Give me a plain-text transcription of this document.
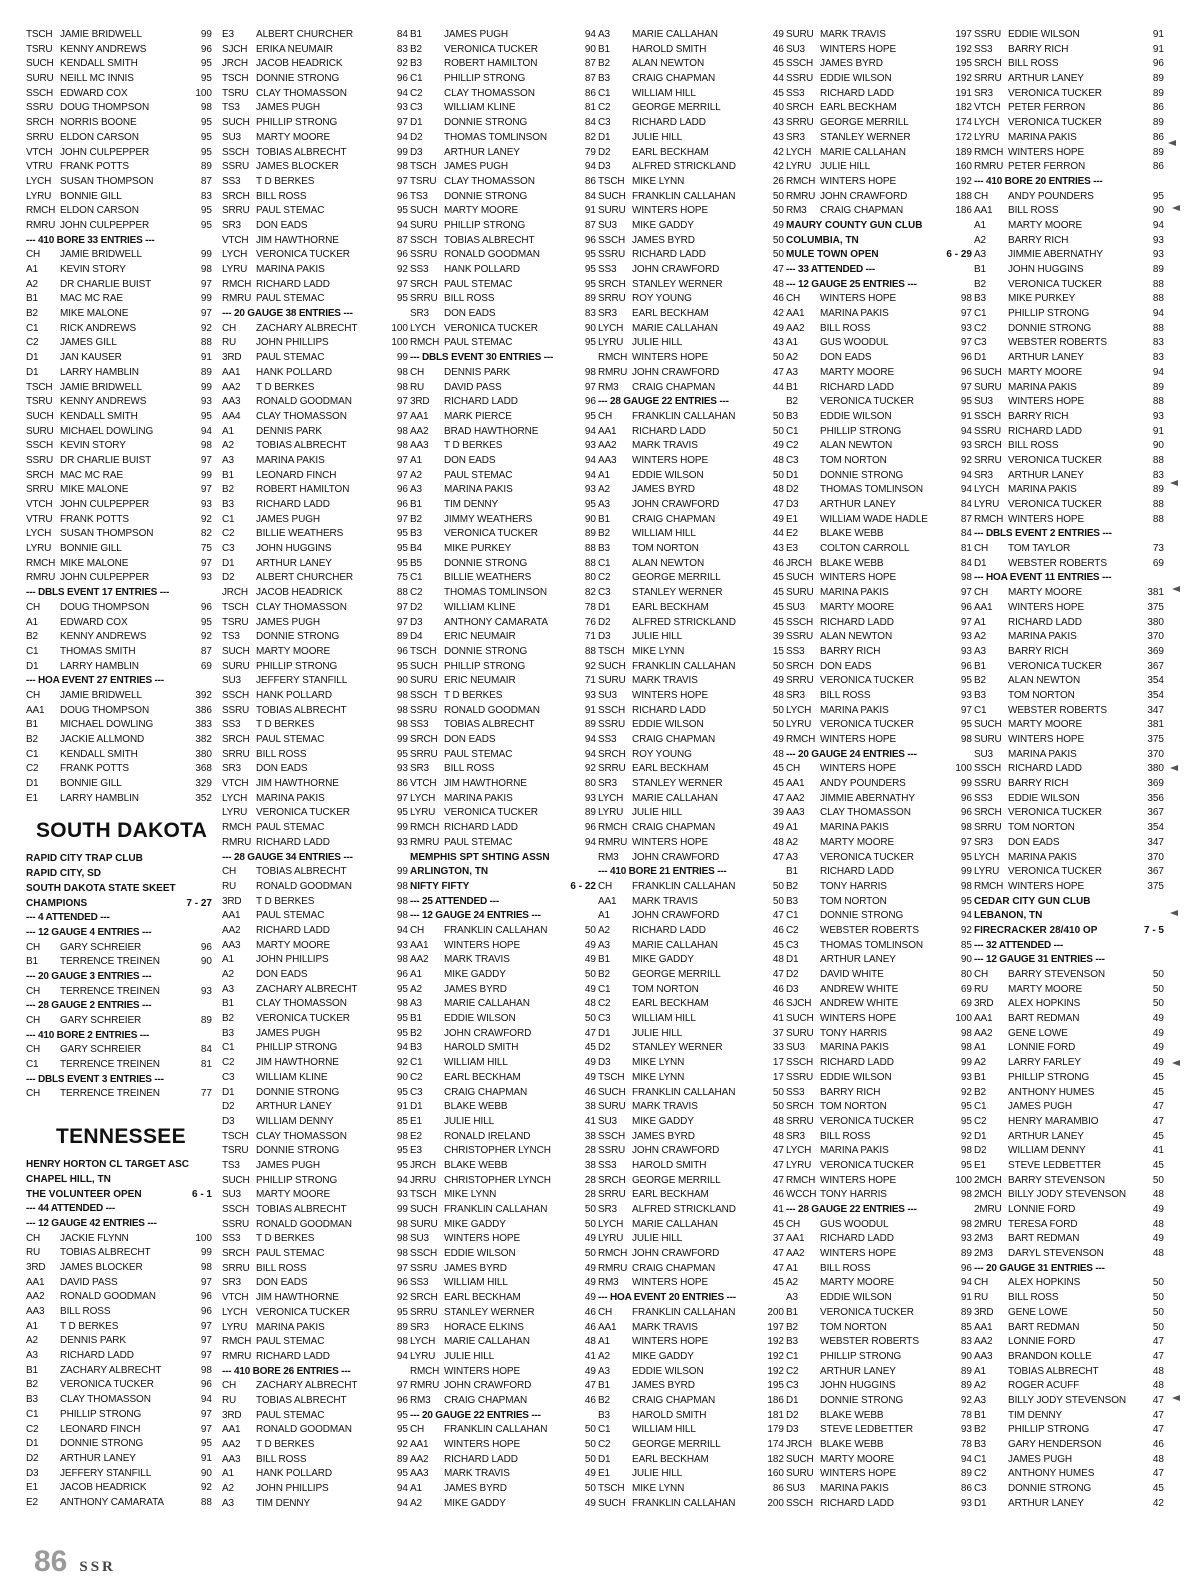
TSCH JAMIE BRIDWELL	99
TSRU KENNY ANDREWS	96
SUCH KENDALL SMITH	95
SURU NEILL MC INNIS	95
SSCH EDWARD COX	100
SSRU DOUG THOMPSON	98
SRCH NORRIS BOONE	95
SRRU ELDON CARSON	95
VTCH JOHN CULPEPPER	95
VTRU FRANK POTTS	89
LYCH SUSAN THOMPSON	87
LYRU BONNIE GILL	83
RMCH ELDON CARSON	95
RMRU JOHN CULPEPPER	95
--- 410 BORE 33 ENTRIES ---
CH	JAMIE BRIDWELL	99
A1	KEVIN STORY	98
A2	DR CHARLIE BUIST	97
B1	MAC MC RAE	99
B2	MIKE MALONE	97
C1	RICK ANDREWS	92
C2	JAMES GILL	88
D1	JAN KAUSER	91
D1	LARRY HAMBLIN	89
TSCH JAMIE BRIDWELL	99
TSRU KENNY ANDREWS	93
SUCH KENDALL SMITH	95
SURU MICHAEL DOWLING	94
SSCH KEVIN STORY	98
SSRU DR CHARLIE BUIST	97
SRCH MAC MC RAE	99
SRRU MIKE MALONE	97
VTCH JOHN CULPEPPER	93
VTRU FRANK POTTS	92
LYCH SUSAN THOMPSON	82
LYRU BONNIE GILL	75
RMCH MIKE MALONE	97
RMRU JOHN CULPEPPER	93
--- DBLS EVENT 17 ENTRIES ---
CH	DOUG THOMPSON	96
A1	EDWARD COX	95
B2	KENNY ANDREWS	92
C1	THOMAS SMITH	87
D1	LARRY HAMBLIN	69
--- HOA EVENT 27 ENTRIES ---
CH	JAMIE BRIDWELL	392
AA1	DOUG THOMPSON	386
B1	MICHAEL DOWLING	383
B2	JACKIE ALLMOND	382
C1	KENDALL SMITH	380
C2	FRANK POTTS	368
D1	BONNIE GILL	329
E1	LARRY HAMBLIN	352
SOUTH DAKOTA
RAPID CITY TRAP CLUB
RAPID CITY, SD
SOUTH DAKOTA STATE SKEET
CHAMPIONS	7 - 27
--- 4 ATTENDED ---
--- 12 GAUGE 4 ENTRIES ---
CH	GARY SCHREIER	96
B1	TERRENCE TREINEN	90
--- 20 GAUGE 3 ENTRIES ---
CH	TERRENCE TREINEN	93
--- 28 GAUGE 2 ENTRIES ---
CH	GARY SCHREIER	89
--- 410 BORE 2 ENTRIES ---
CH	GARY SCHREIER	84
C1	TERRENCE TREINEN	81
--- DBLS EVENT 3 ENTRIES ---
CH	TERRENCE TREINEN	77
TENNESSEE
HENRY HORTON CL TARGET ASC
CHAPEL HILL, TN
THE VOLUNTEER OPEN	6 - 1
--- 44 ATTENDED ---
--- 12 GAUGE 42 ENTRIES ---
CH	JACKIE FLYNN	100
RU	TOBIAS ALBRECHT	99
3RD	JAMES BLOCKER	98
AA1	DAVID PASS	97
AA2	RONALD GOODMAN	96
AA3	BILL ROSS	96
A1	T D BERKES	97
A2	DENNIS PARK	97
A3	RICHARD LADD	97
B1	ZACHARY ALBRECHT	98
B2	VERONICA TUCKER	96
B3	CLAY THOMASSON	94
C1	PHILLIP STRONG	97
C2	LEONARD FINCH	97
D1	DONNIE STRONG	95
D2	ARTHUR LANEY	91
D3	JEFFERY STANFILL	90
E1	JACOB HEADRICK	92
E2	ANTHONY CAMARATA	88
E3	ALBERT CHURCHER	84
SJCH ERIKA NEUMAIR	83
JRCH JACOB HEADRICK	92
TSCH DONNIE STRONG	96
TSRU CLAY THOMASSON	94
TS3	JAMES PUGH	93
SUCH PHILLIP STRONG	97
SU3	MARTY MOORE	94
SSCH TOBIAS ALBRECHT	99
SSRU JAMES BLOCKER	98
SS3	T D BERKES	97
SRCH BILL ROSS	96
SRRU PAUL STEMAC	95
SR3	DON EADS	94
VTCH JIM HAWTHORNE	87
LYCH VERONICA TUCKER	96
LYRU MARINA PAKIS	92
RMCH RICHARD LADD	97
RMRU PAUL STEMAC	95
--- 20 GAUGE 38 ENTRIES ---
CH	ZACHARY ALBRECHT	100
RU	JOHN PHILLIPS	100
3RD	PAUL STEMAC	99
AA1	HANK POLLARD	98
AA2	T D BERKES	98
AA3	RONALD GOODMAN	97
AA4	CLAY THOMASSON	97
A1	DENNIS PARK	98
A2	TOBIAS ALBRECHT	98
A3	MARINA PAKIS	97
B1	LEONARD FINCH	97
B2	ROBERT HAMILTON	96
B3	RICHARD LADD	96
C1	JAMES PUGH	97
C2	BILLIE WEATHERS	95
C3	JOHN HUGGINS	95
D1	ARTHUR LANEY	95
D2	ALBERT CHURCHER	75
JRCH JACOB HEADRICK	88
TSCH CLAY THOMASSON	97
TSRU JAMES PUGH	97
TS3	DONNIE STRONG	89
SUCH MARTY MOORE	96
SURU PHILLIP STRONG	95
SU3	JEFFERY STANFILL	90
SSCH HANK POLLARD	98
SSRU TOBIAS ALBRECHT	98
SS3	T D BERKES	98
SRCH PAUL STEMAC	99
SRRU BILL ROSS	95
SR3	DON EADS	93
VTCH JIM HAWTHORNE	86
LYCH MARINA PAKIS	97
LYRU VERONICA TUCKER	95
RMCH PAUL STEMAC	99
RMRU RICHARD LADD	93
--- 28 GAUGE 34 ENTRIES ---
CH	TOBIAS ALBRECHT	99
RU	RONALD GOODMAN	98
3RD	T D BERKES	98
AA1	PAUL STEMAC	98
AA2	RICHARD LADD	94
AA3	MARTY MOORE	93
A1	JOHN PHILLIPS	98
A2	DON EADS	96
A3	ZACHARY ALBRECHT	95
B1	CLAY THOMASSON	98
B2	VERONICA TUCKER	95
B3	JAMES PUGH	95
C1	PHILLIP STRONG	94
C2	JIM HAWTHORNE	92
C3	WILLIAM KLINE	90
D1	DONNIE STRONG	95
D2	ARTHUR LANEY	91
D3	WILLIAM DENNY	85
TSCH CLAY THOMASSON	98
TSRU DONNIE STRONG	95
TS3	JAMES PUGH	95
SUCH PHILLIP STRONG	94
SU3	MARTY MOORE	93
SSCH TOBIAS ALBRECHT	99
SSRU RONALD GOODMAN	98
SS3	T D BERKES	98
SRCH PAUL STEMAC	98
SRRU BILL ROSS	97
SR3	DON EADS	96
VTCH JIM HAWTHORNE	92
LYCH VERONICA TUCKER	95
LYRU MARINA PAKIS	89
RMCH PAUL STEMAC	98
RMRU RICHARD LADD	94
--- 410 BORE 26 ENTRIES ---
CH	ZACHARY ALBRECHT	97
RU	TOBIAS ALBRECHT	96
3RD	PAUL STEMAC	95
AA1	RONALD GOODMAN	95
AA2	T D BERKES	92
AA3	BILL ROSS	89
A1	HANK POLLARD	95
A2	JOHN PHILLIPS	94
A3	TIM DENNY	94
B1	JAMES PUGH	94
B2	VERONICA TUCKER	90
B3	ROBERT HAMILTON	87
C1	PHILLIP STRONG	87
C2	CLAY THOMASSON	86
C3	WILLIAM KLINE	81
D1	DONNIE STRONG	84
D2	THOMAS TOMLINSON	82
D3	ARTHUR LANEY	79
TSCH JAMES PUGH	94
TSRU CLAY THOMASSON	86
TS3	DONNIE STRONG	84
SUCH MARTY MOORE	91
SURU PHILLIP STRONG	87
SSCH TOBIAS ALBRECHT	96
SSRU RONALD GOODMAN	95
SS3	HANK POLLARD	95
SRCH PAUL STEMAC	95
SRRU BILL ROSS	89
SR3	DON EADS	83
LYCH VERONICA TUCKER	90
RMCH PAUL STEMAC	95
--- DBLS EVENT 30 ENTRIES ---
CH	DENNIS PARK	98
RU	DAVID PASS	97
3RD	RICHARD LADD	96
AA1	MARK PIERCE	95
AA2	BRAD HAWTHORNE	94
AA3	T D BERKES	93
A1	DON EADS	94
A2	PAUL STEMAC	94
A3	MARINA PAKIS	93
B1	TIM DENNY	95
B2	JIMMY WEATHERS	90
B3	VERONICA TUCKER	89
B4	MIKE PURKEY	88
B5	DONNIE STRONG	88
C1	BILLIE WEATHERS	80
C2	THOMAS TOMLINSON	82
D2	WILLIAM KLINE	78
D3	ANTHONY CAMARATA	76
D4	ERIC NEUMAIR	71
TSCH DONNIE STRONG	88
SUCH PHILLIP STRONG	92
SURU ERIC NEUMAIR	71
SSCH T D BERKES	93
SSRU RONALD GOODMAN	91
SS3	TOBIAS ALBRECHT	89
SRCH DON EADS	94
SRRU PAUL STEMAC	94
SR3	BILL ROSS	92
VTCH JIM HAWTHORNE	80
LYCH MARINA PAKIS	93
LYRU VERONICA TUCKER	89
RMCH RICHARD LADD	96
RMRU PAUL STEMAC	94
MEMPHIS SPT SHTING ASSN
ARLINGTON, TN
NIFTY FIFTY	6 - 22
--- 25 ATTENDED ---
--- 12 GAUGE 24 ENTRIES ---
CH	FRANKLIN CALLAHAN	50
AA1	WINTERS HOPE	49
AA2	MARK TRAVIS	49
A1	MIKE GADDY	50
A2	JAMES BYRD	49
A3	MARIE CALLAHAN	48
B1	EDDIE WILSON	50
B2	JOHN CRAWFORD	47
B3	HAROLD SMITH	45
C1	WILLIAM HILL	49
C2	EARL BECKHAM	49
C3	CRAIG CHAPMAN	46
D1	BLAKE WEBB	38
E1	JULIE HILL	41
E2	RONALD IRELAND	38
E3	CHRISTOPHER LYNCH	28
JRCH BLAKE WEBB	38
JRRU CHRISTOPHER LYNCH	28
TSCH MIKE LYNN	28
SUCH FRANKLIN CALLAHAN	50
SURU MIKE GADDY	50
SU3	WINTERS HOPE	49
SSCH EDDIE WILSON	50
SSRU JAMES BYRD	49
SS3	WILLIAM HILL	49
SRCH EARL BECKHAM	49
SRRU STANLEY WERNER	46
SR3	HORACE ELKINS	46
LYCH MARIE CALLAHAN	48
LYRU JULIE HILL	41
RMCH WINTERS HOPE	49
RMRU JOHN CRAWFORD	47
RM3	CRAIG CHAPMAN	46
--- 20 GAUGE 22 ENTRIES ---
CH	FRANKLIN CALLAHAN	50
AA1	WINTERS HOPE	50
AA2	RICHARD LADD	50
AA3	MARK TRAVIS	49
A1	JAMES BYRD	50
A2	MIKE GADDY	49
A3	MARIE CALLAHAN	49
B1	HAROLD SMITH	46
B2	ALAN NEWTON	45
B3	CRAIG CHAPMAN	44
C1	WILLIAM HILL	45
C2	GEORGE MERRILL	40
C3	RICHARD LADD	43
D1	JULIE HILL	43
D2	EARL BECKHAM	42
D3	ALFRED STRICKLAND	42
TSCH MIKE LYNN	26
SUCH FRANKLIN CALLAHAN	50
SURU WINTERS HOPE	50
SU3	MIKE GADDY	49
SSCH JAMES BYRD	50
SSRU RICHARD LADD	50
SS3	JOHN CRAWFORD	47
SRCH STANLEY WERNER	48
SRRU ROY YOUNG	46
SR3	EARL BECKHAM	42
LYCH MARIE CALLAHAN	49
LYRU JULIE HILL	43
RMCH WINTERS HOPE	50
RMRU JOHN CRAWFORD	47
RM3	CRAIG CHAPMAN	44
--- 28 GAUGE 22 ENTRIES ---
CH	FRANKLIN CALLAHAN	50
AA1	RICHARD LADD	50
AA2	MARK TRAVIS	49
AA3	WINTERS HOPE	48
A1	EDDIE WILSON	50
A2	JAMES BYRD	48
A3	JOHN CRAWFORD	47
B1	CRAIG CHAPMAN	49
B2	WILLIAM HILL	44
B3	TOM NORTON	43
C1	ALAN NEWTON	46
C2	GEORGE MERRILL	45
C3	STANLEY WERNER	45
D1	EARL BECKHAM	45
D2	ALFRED STRICKLAND	45
D3	JULIE HILL	39
TSCH MIKE LYNN	15
SUCH FRANKLIN CALLAHAN	50
SURU MARK TRAVIS	49
SU3	WINTERS HOPE	48
SSCH RICHARD LADD	50
SSRU EDDIE WILSON	50
SS3	CRAIG CHAPMAN	49
SRCH ROY YOUNG	48
SRRU EARL BECKHAM	45
SR3	STANLEY WERNER	45
LYCH MARIE CALLAHAN	47
LYRU JULIE HILL	39
RMCH CRAIG CHAPMAN	49
RMRU WINTERS HOPE	48
RM3	JOHN CRAWFORD	47
--- 410 BORE 21 ENTRIES ---
CH	FRANKLIN CALLAHAN	50
AA1	MARK TRAVIS	50
A1	JOHN CRAWFORD	47
A2	RICHARD LADD	46
A3	MARIE CALLAHAN	45
B1	MIKE GADDY	48
B2	GEORGE MERRILL	47
C1	TOM NORTON	46
C2	EARL BECKHAM	46
C3	WILLIAM HILL	41
D1	JULIE HILL	37
D2	STANLEY WERNER	33
D3	MIKE LYNN	17
TSCH MIKE LYNN	17
SUCH FRANKLIN CALLAHAN	50
SURU MARK TRAVIS	50
SU3	MIKE GADDY	48
SSCH JAMES BYRD	48
SSRU JOHN CRAWFORD	47
SS3	HAROLD SMITH	47
SRCH GEORGE MERRILL	47
SRRU EARL BECKHAM	46
SR3	ALFRED STRICKLAND	41
LYCH MARIE CALLAHAN	45
LYRU JULIE HILL	37
RMCH JOHN CRAWFORD	47
RMRU CRAIG CHAPMAN	47
RM3	WINTERS HOPE	45
--- HOA EVENT 20 ENTRIES ---
CH	FRANKLIN CALLAHAN	200
AA1	MARK TRAVIS	197
A1	WINTERS HOPE	192
A2	MIKE GADDY	192
A3	EDDIE WILSON	192
B1	JAMES BYRD	195
B2	CRAIG CHAPMAN	186
B3	HAROLD SMITH	181
C1	WILLIAM HILL	179
C2	GEORGE MERRILL	174
D1	EARL BECKHAM	182
E1	JULIE HILL	160
TSCH MIKE LYNN	86
SUCH FRANKLIN CALLAHAN	200
SURU MARK TRAVIS	197
SU3	WINTERS HOPE	192
SSCH JAMES BYRD	195
SSRU EDDIE WILSON	192
SS3	RICHARD LADD	191
SRCH EARL BECKHAM	182
SRRU GEORGE MERRILL	174
SR3	STANLEY WERNER	172
LYCH MARIE CALLAHAN	189
LYRU JULIE HILL	160
RMCH WINTERS HOPE	192
RMRU JOHN CRAWFORD	188
RM3	CRAIG CHAPMAN	186
MAURY COUNTY GUN CLUB
COLUMBIA, TN
MULE TOWN OPEN	6 - 29
--- 33 ATTENDED ---
--- 12 GAUGE 25 ENTRIES ---
CH	WINTERS HOPE	98
AA1	MARINA PAKIS	97
AA2	BILL ROSS	93
A1	GUS WOODUL	97
A2	DON EADS	96
A3	MARTY MOORE	96
B1	RICHARD LADD	97
B2	VERONICA TUCKER	95
B3	EDDIE WILSON	91
C1	PHILLIP STRONG	94
C2	ALAN NEWTON	93
C3	TOM NORTON	92
D1	DONNIE STRONG	94
D2	THOMAS TOMLINSON	94
D3	ARTHUR LANEY	84
E1	WILLIAM WADE HADLE	87
E2	BLAKE WEBB	84
E3	COLTON CARROLL	81
JRCH BLAKE WEBB	84
SUCH WINTERS HOPE	98
SURU MARINA PAKIS	97
SU3	MARTY MOORE	96
SSCH RICHARD LADD	97
SSRU ALAN NEWTON	93
SS3	BARRY RICH	93
SRCH DON EADS	96
SRRU VERONICA TUCKER	95
SR3	BILL ROSS	93
LYCH MARINA PAKIS	97
LYRU VERONICA TUCKER	95
RMCH WINTERS HOPE	98
--- 20 GAUGE 24 ENTRIES ---
CH	WINTERS HOPE	100
AA1	ANDY POUNDERS	99
AA2	JIMMIE ABERNATHY	96
AA3	CLAY THOMASSON	96
A1	MARINA PAKIS	98
A2	MARTY MOORE	97
A3	VERONICA TUCKER	95
B1	RICHARD LADD	99
B2	TONY HARRIS	98
B3	TOM NORTON	95
C1	DONNIE STRONG	94
C2	WEBSTER ROBERTS	92
C3	THOMAS TOMLINSON	85
D1	ARTHUR LANEY	90
D2	DAVID WHITE	80
D3	ANDREW WHITE	69
SJCH ANDREW WHITE	69
SUCH WINTERS HOPE	100
SURU TONY HARRIS	98
SU3	MARINA PAKIS	98
SSCH RICHARD LADD	99
SSRU EDDIE WILSON	93
SS3	BARRY RICH	92
SRCH TOM NORTON	95
SRRU VERONICA TUCKER	95
SR3	BILL ROSS	92
LYCH MARINA PAKIS	98
LYRU VERONICA TUCKER	95
RMCH WINTERS HOPE	100
WCCH TONY HARRIS	98
--- 28 GAUGE 22 ENTRIES ---
CH	GUS WOODUL	98
AA1	RICHARD LADD	93
AA2	WINTERS HOPE	89
A1	BILL ROSS	96
A2	MARTY MOORE	94
A3	EDDIE WILSON	91
B1	VERONICA TUCKER	89
B2	TOM NORTON	85
B3	WEBSTER ROBERTS	83
C1	PHILLIP STRONG	90
C2	ARTHUR LANEY	89
C3	JOHN HUGGINS	89
D1	DONNIE STRONG	92
D2	BLAKE WEBB	78
D3	STEVE LEDBETTER	93
JRCH BLAKE WEBB	78
SUCH MARTY MOORE	94
SURU WINTERS HOPE	89
SU3	MARINA PAKIS	86
SSCH RICHARD LADD	93
SSRU EDDIE WILSON	91
SS3	BARRY RICH	91
SRCH BILL ROSS	96
SRRU ARTHUR LANEY	89
SR3	VERONICA TUCKER	89
VTCH PETER FERRON	86
LYCH VERONICA TUCKER	89
LYRU MARINA PAKIS	86
RMCH WINTERS HOPE	89
RMRU PETER FERRON	86
--- 410 BORE 20 ENTRIES ---
CH	ANDY POUNDERS	95
AA1	BILL ROSS	90
A1	MARTY MOORE	94
A2	BARRY RICH	93
A3	JIMMIE ABERNATHY	93
B1	JOHN HUGGINS	89
B2	VERONICA TUCKER	88
B3	MIKE PURKEY	88
C1	PHILLIP STRONG	94
C2	DONNIE STRONG	88
C3	WEBSTER ROBERTS	83
D1	ARTHUR LANEY	83
SUCH MARTY MOORE	94
SURU MARINA PAKIS	89
SU3	WINTERS HOPE	88
SSCH BARRY RICH	93
SSRU RICHARD LADD	91
SRCH BILL ROSS	90
SRRU VERONICA TUCKER	88
SR3	ARTHUR LANEY	83
LYCH MARINA PAKIS	89
LYRU VERONICA TUCKER	88
RMCH WINTERS HOPE	88
--- DBLS EVENT 2 ENTRIES ---
CH	TOM TAYLOR	73
D1	WEBSTER ROBERTS	69
--- HOA EVENT 11 ENTRIES ---
CH	MARTY MOORE	381
AA1	WINTERS HOPE	375
A1	RICHARD LADD	380
A2	MARINA PAKIS	370
A3	BARRY RICH	369
B1	VERONICA TUCKER	367
B2	ALAN NEWTON	354
B3	TOM NORTON	354
C1	WEBSTER ROBERTS	347
SUCH MARTY MOORE	381
SURU WINTERS HOPE	375
SU3	MARINA PAKIS	370
SSCH RICHARD LADD	380
SSRU BARRY RICH	369
SS3	EDDIE WILSON	356
SRCH VERONICA TUCKER	367
SRRU TOM NORTON	354
SR3	DON EADS	347
LYCH MARINA PAKIS	370
LYRU VERONICA TUCKER	367
RMCH WINTERS HOPE	375
CEDAR CITY GUN CLUB
LEBANON, TN
FIRECRACKER 28/410 OP	7 - 5
--- 32 ATTENDED ---
--- 12 GAUGE 31 ENTRIES ---
CH	BARRY STEVENSON	50
RU	MARTY MOORE	50
3RD	ALEX HOPKINS	50
AA1	BART REDMAN	49
AA2	GENE LOWE	49
A1	LONNIE FORD	49
A2	LARRY FARLEY	49
B1	PHILLIP STRONG	45
B2	ANTHONY HUMES	45
C1	JAMES PUGH	47
C2	HENRY MARAMBIO	47
D1	ARTHUR LANEY	45
D2	WILLIAM DENNY	41
E1	STEVE LEDBETTER	45
2MCH BARRY STEVENSON	50
2MCH BILLY JODY STEVENSON	48
2MRU LONNIE FORD	49
2MRU TERESA FORD	48
2M3	BART REDMAN	49
2M3	DARYL STEVENSON	48
--- 20 GAUGE 31 ENTRIES ---
CH	ALEX HOPKINS	50
RU	BILL ROSS	50
3RD	GENE LOWE	50
AA1	BART REDMAN	50
AA2	LONNIE FORD	47
AA3	BRANDON KOLLE	47
A1	TOBIAS ALBRECHT	48
A2	ROGER ACUFF	48
A3	BILLY JODY STEVENSON	47
B1	TIM DENNY	47
B2	PHILLIP STRONG	47
B3	GARY HENDERSON	46
C1	JAMES PUGH	48
C2	ANTHONY HUMES	47
C3	DONNIE STRONG	45
D1	ARTHUR LANEY	42
86 SSR
